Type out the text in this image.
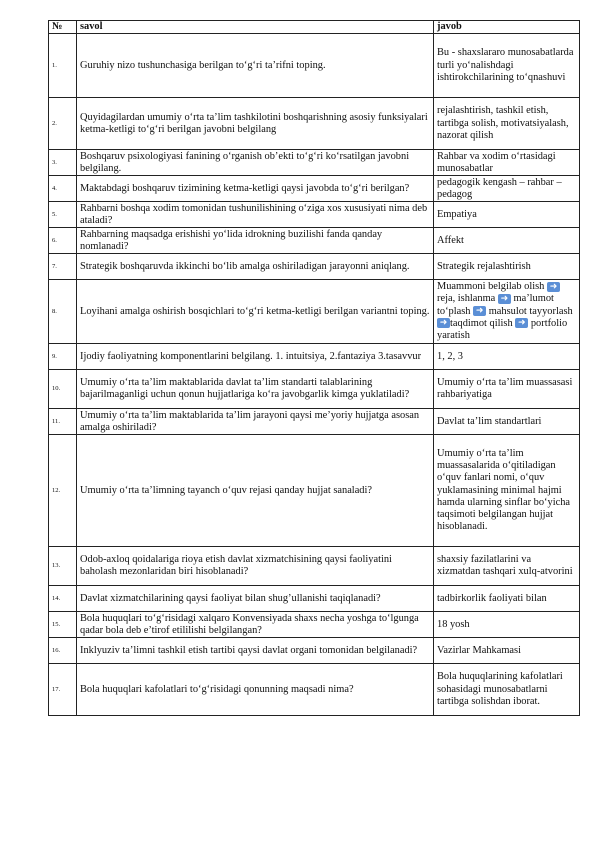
№	savol	javob
1.	Guruhiy nizo tushunchasiga berilgan to‘g‘ri ta’rifni toping.	Bu - shaxslararo munosabatlarda turli yo‘nalishdagi ishtirokchilarining to‘qnashuvi
2.	Quyidagilardan umumiy o‘rta ta’lim tashkilotini boshqarishning asosiy funksiyalari ketma-ketligi to‘g‘ri berilgan javobni belgilang	rejalashtirish, tashkil etish, tartibga solish, motivatsiyalash, nazorat qilish
3.	Boshqaruv psixologiyasi fanining o‘rganish ob’ekti to‘g‘ri ko‘rsatilgan javobni belgilang.	Rahbar va xodim o‘rtasidagi munosabatlar
4.	Maktabdagi boshqaruv tizimining ketma-ketligi qaysi javobda to‘g‘ri berilgan?	pedagogik kengash – rahbar – pedagog
5.	Rahbarni boshqa xodim tomonidan tushunilishining o‘ziga xos xususiyati nima deb ataladi?	Empatiya
6.	Rahbarning maqsadga erishishi yo‘lida idrokning buzilishi fanda qanday nomlanadi?	Affekt
7.	Strategik boshqaruvda ikkinchi bo‘lib amalga oshiriladigan jarayonni aniqlang.	Strategik rejalashtirish
8.	Loyihani amalga oshirish bosqichlari to‘g‘ri ketma-ketligi berilgan variantni toping.	Muammoni belgilab olish ➜ reja, ishlanma ➜ ma’lumot to‘plash ➜ mahsulot tayyorlash ➜ taqdimot qilish ➜ portfolio yaratish
9.	Ijodiy faoliyatning komponentlarini belgilang. 1. intuitsiya, 2.fantaziya 3.tasavvur	1, 2, 3
10.	Umumiy o‘rta ta’lim maktablarida davlat ta’lim standarti talablarining bajarilmaganligi uchun qonun hujjatlariga ko‘ra javobgarlik kimga yuklatiladi?	Umumiy o‘rta ta’lim muassasasi rahbariyatiga
11.	Umumiy o‘rta ta’lim maktablarida ta’lim jarayoni qaysi me’yoriy hujjatga asosan amalga oshiriladi?	Davlat ta’lim standartlari
12.	Umumiy o‘rta ta’limning tayanch o‘quv rejasi qanday hujjat sanaladi?	Umumiy o‘rta ta’lim muassasalarida o‘qitiladigan o‘quv fanlari nomi, o‘quv yuklamasining minimal hajmi hamda ularning sinflar bo‘yicha taqsimoti belgilangan hujjat hisoblanadi.
13.	Odob-axloq qoidalariga rioya etish davlat xizmatchisining qaysi faoliyatini baholash mezonlaridan biri hisoblanadi?	shaxsiy fazilatlarini va xizmatdan tashqari xulq-atvorini
14.	Davlat xizmatchilarining qaysi faoliyat bilan shug’ullanishi taqiqlanadi?	tadbirkorlik faoliyati bilan
15.	Bola huquqlari to‘g‘risidagi xalqaro Konvensiyada shaxs necha yoshga to‘lgunga qadar bola deb e’tirof etililishi belgilangan?	18 yosh
16.	Inklyuziv ta’limni tashkil etish tartibi qaysi davlat organi tomonidan belgilanadi?	Vazirlar Mahkamasi
17.	Bola huquqlari kafolatlari to‘g‘risidagi qonunning maqsadi nima?	Bola huquqlarining kafolatlari sohasidagi munosabatlarni tartibga solishdan iborat.
